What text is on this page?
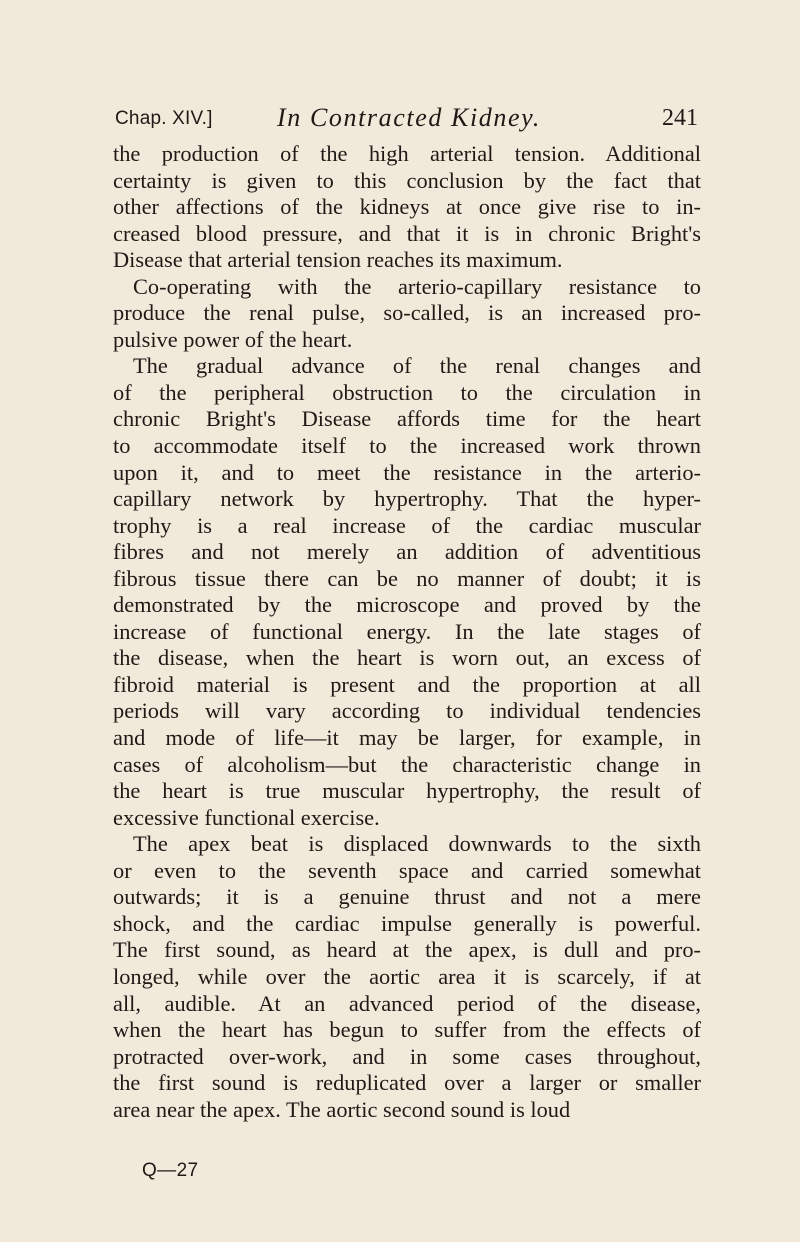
Chap. XIV.] In Contracted Kidney.	241
the production of the high arterial tension. Additional
certainty is given to this conclusion by the fact that
other affections of the kidneys at once give rise to in-
creased blood pressure, and that it is in chronic Bright's
Disease that arterial tension reaches its maximum.
Co-operating with the arterio-capillary resistance to
produce the renal pulse, so-called, is an increased pro-
pulsive power of the heart.
The gradual advance of the renal changes and
of the peripheral obstruction to the circulation in
chronic Bright's Disease affords time for the heart
to accommodate itself to the increased work thrown
upon it, and to meet the resistance in the arterio-
capillary network by hypertrophy. That the hyper-
trophy is a real increase of the cardiac muscular
fibres and not merely an addition of adventitious
fibrous tissue there can be no manner of doubt; it is
demonstrated by the microscope and proved by the
increase of functional energy. In the late stages of
the disease, when the heart is worn out, an excess of
fibroid material is present and the proportion at all
periods will vary according to individual tendencies
and mode of life—it may be larger, for example, in
cases of alcoholism—but the characteristic change in
the heart is true muscular hypertrophy, the result of
excessive functional exercise.
The apex beat is displaced downwards to the sixth
or even to the seventh space and carried somewhat
outwards; it is a genuine thrust and not a mere
shock, and the cardiac impulse generally is powerful.
The first sound, as heard at the apex, is dull and pro-
longed, while over the aortic area it is scarcely, if at
all, audible. At an advanced period of the disease,
when the heart has begun to suffer from the effects of
protracted over-work, and in some cases throughout,
the first sound is reduplicated over a larger or smaller
area near the apex. The aortic second sound is loud
Q—27
